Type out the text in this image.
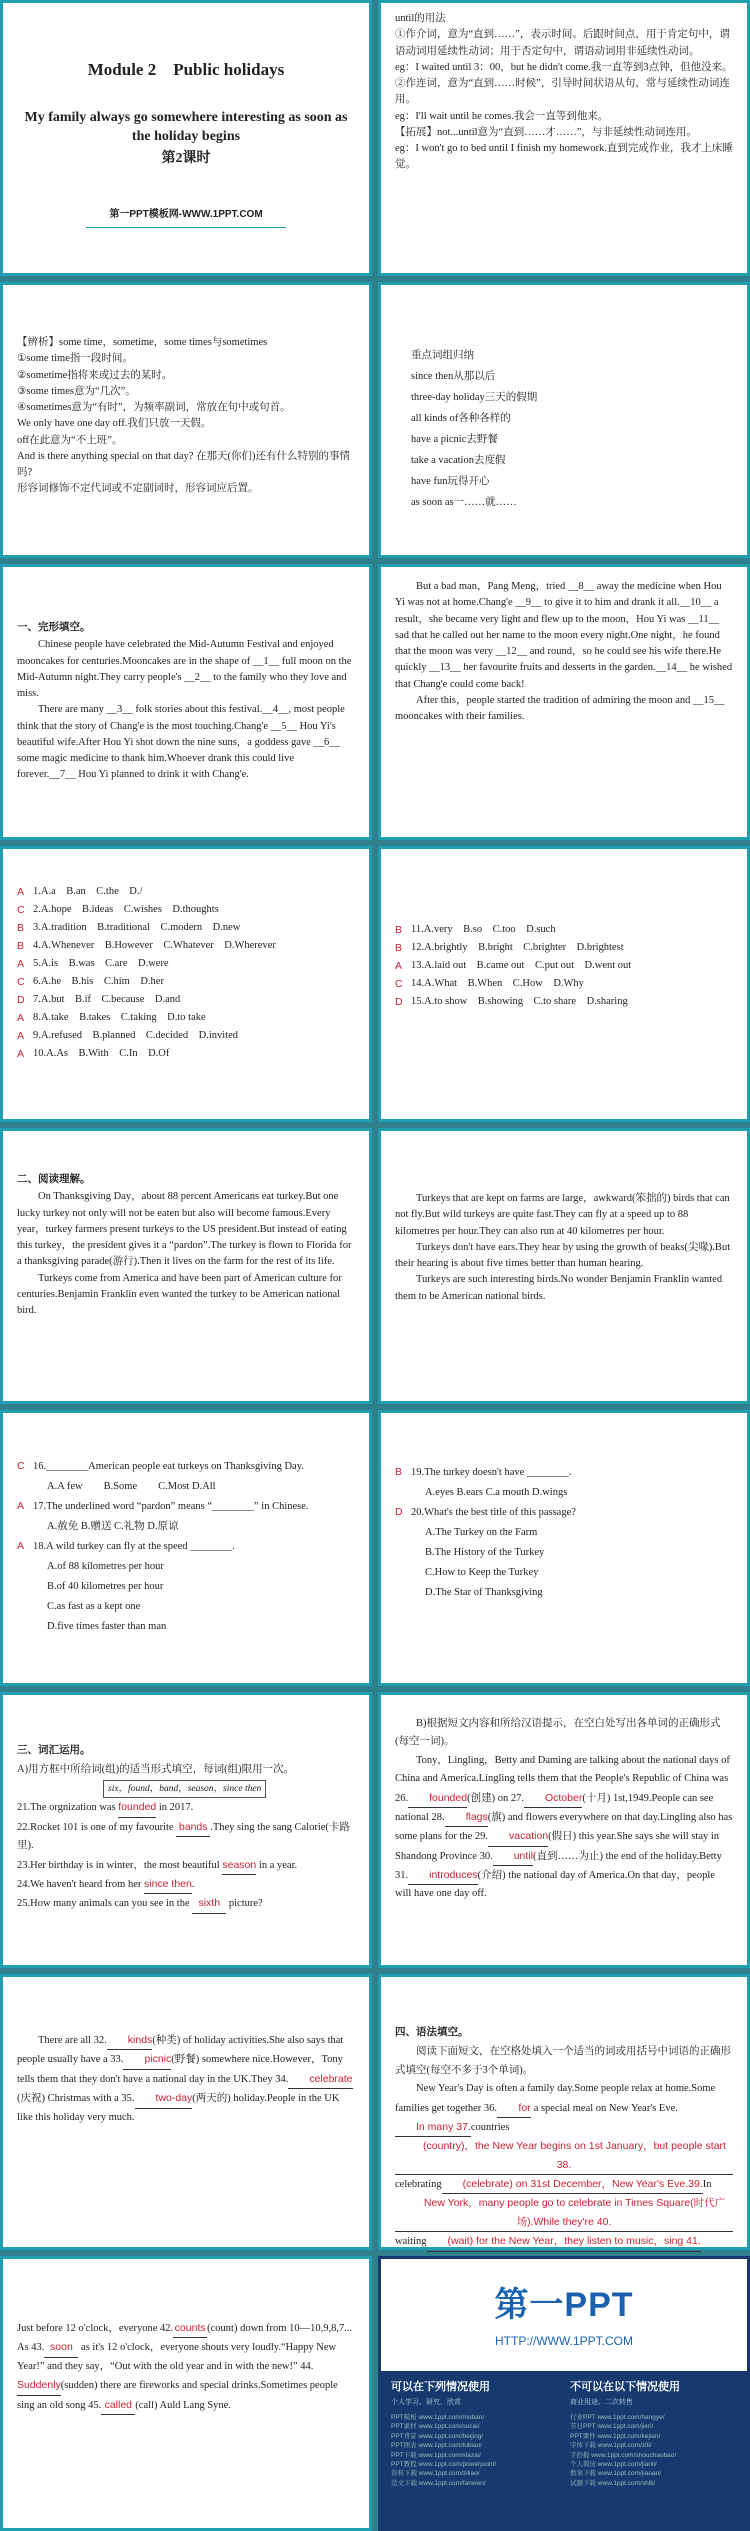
Module 2　Public holidays
My family always go somewhere interesting as soon as the holiday begins
第2课时
第一PPT模板网-WWW.1PPT.COM
until的用法
①作介词，意为“直到……”，表示时间。后跟时间点，用于肯定句中，谓语动词用延续性动词；用于否定句中，谓语动词用非延续性动词。
eg：I waited until 3：00，but he didn't come.我一直等到3点钟，但他没来。
②作连词，意为“直到……时候”，引导时间状语从句，常与延续性动词连用。
eg：I'll wait until he comes.我会一直等到他来。
【拓展】not...until意为“直到……才……”，与非延续性动词连用。
eg：I won't go to bed until I finish my homework.直到完成作业，我才上床睡觉。
【辨析】some time，sometime，some times与sometimes
①some time指一段时间。
②sometime指将来或过去的某时。
③some times意为“几次”。
④sometimes意为“有时”，为频率副词，常放在句中或句首。
We only have one day off.我们只放一天假。
off在此意为“不上班”。
And is there anything special on that day? 在那天(你们)还有什么特别的事情吗?
形容词修饰不定代词或不定副词时，形容词应后置。
重点词组归纳
since then从那以后
three-day holiday三天的假期
all kinds of各种各样的
have a picnic去野餐
take a vacation去度假
have fun玩得开心
as soon as一……就……
一、完形填空。

Chinese people have celebrated the Mid-Autumn Festival and enjoyed mooncakes for centuries.Mooncakes are in the shape of __1__ full moon on the Mid-Autumn night.They carry people's __2__ to the family who they love and miss.

There are many __3__ folk stories about this festival.__4__, most people think that the story of Chang'e is the most touching.Chang'e __5__ Hou Yi's beautiful wife.After Hou Yi shot down the nine suns，a goddess gave __6__ some magic medicine to thank him.Whoever drank this could live forever.__7__ Hou Yi planned to drink it with Chang'e.

But a bad man，Pang Meng，tried __8__ away the medicine when Hou Yi was not at home.Chang'e __9__ to give it to him and drank it all.__10__ a result，she became very light and flew up to the moon，Hou Yi was __11__ sad that he called out her name to the moon every night.One night，he found that the moon was very __12__ and round，so he could see his wife there.He quickly __13__ her favourite fruits and desserts in the garden.__14__ he wished that Chang'e could come back!

After this，people started the tradition of admiring the moon and __15__ mooncakes with their families.

A 1.A.a　B.an　C.the　D./
C 2.A.hope　B.ideas　C.wishes　D.thoughts
B 3.A.tradition　B.traditional　C.modern　D.new
B 4.A.Whenever　B.However　C.Whatever　D.Wherever
A 5.A.is　B.was　C.are　D.were
C 6.A.he　B.his　C.him　D.her
D 7.A.but　B.if　C.because　D.and
A 8.A.take　B.takes　C.taking　D.to take
A 9.A.refused　B.planned　C.decided　D.invited
A 10.A.As　B.With　C.In　D.Of
B 11.A.very　B.so　C.too　D.such
B 12.A.brightly　B.bright　C.brighter　D.brightest
A 13.A.laid out　B.came out　C.put out　D.went out
C 14.A.What　B.When　C.How　D.Why
D 15.A.to show　B.showing　C.to share　D.sharing
二、阅读理解。

On Thanksgiving Day，about 88 percent Americans eat turkey.But one lucky turkey not only will not be eaten but also will become famous.Every year，turkey farmers present turkeys to the US president.But instead of eating this turkey，the president gives it a “pardon”.The turkey is flown to Florida for a thanksgiving parade(游行).Then it lives on the farm for the rest of its life.

Turkeys come from America and have been part of American culture for centuries.Benjamin Franklin even wanted the turkey to be American national bird.

Turkeys that are kept on farms are large，awkward(笨拙的) birds that can not fly.But wild turkeys are quite fast.They can fly at a speed up to 88 kilometres per hour.They can also run at 40 kilometres per hour.

Turkeys don't have ears.They hear by using the growth of beaks(尖喙).But their hearing is about five times better than human hearing.

Turkeys are such interesting birds.No wonder Benjamin Franklin wanted them to be American national birds.

C 16.________American people eat turkeys on Thanksgiving Day.
A.A few　　B.Some　　C.Most D.All
A 17.The underlined word “pardon” means “________” in Chinese.
A.赦免 B.赠送 C.礼物 D.原谅
A 18.A wild turkey can fly at the speed ________.
A.of 88 kilometres per hour
B.of 40 kilometres per hour
C.as fast as a kept one
D.five times faster than man
B 19.The turkey doesn't have ________.
A.eyes B.ears C.a mouth D.wings
D 20.What's the best title of this passage?
A.The Turkey on the Farm
B.The History of the Turkey
C.How to Keep the Turkey
D.The Star of Thanksgiving
三、词汇运用。
A)用方框中所给词(组)的适当形式填空，每词(组)限用一次。
six，found，band，season，since then
21.The orgnization was founded in 2017.
22.Rocket 101 is one of my favourite bands .They sing the sang Calorie(卡路里).
23.Her birthday is in winter，the most beautiful season in a year.
24.We haven't heard from her since then.
25.How many animals can you see in the sixth picture?

B)根据短文内容和所给汉语提示，在空白处写出各单词的正确形式(每空一词)。

Tony，Lingling，Betty and Daming are talking about the national days of China and America.Lingling tells them that the People's Republic of China was 26. founded(创建) on 27. October(十月) 1st,1949.People can see national 28. flags(旗) and flowers everywhere on that day.Lingling also has some plans for the 29. vacation(假日) this year.She says she will stay in Shandong Province 30. until(直到……为止) the end of the holiday.Betty 31. introduces(介绍) the national day of America.On that day，people will have one day off.

There are all 32. kinds(种类) of holiday activities.She also says that people usually have a 33. picnic(野餐) somewhere nice.However，Tony tells them that they don't have a national day in the UK.They 34. celebrate(庆祝) Christmas with a 35. two-day(两天的) holiday.People in the UK like this holiday very much.

四、语法填空。

阅读下面短文，在空格处填入一个适当的词或用括号中词语的正确形式填空(每空不多于3个单词)。

New Year's Day is often a family day.Some people relax at home.Some families get together 36. for a special meal on New Year's Eve.In many 37.countries(country)，the New Year begins on 1st January，but people start 38.celebrating (celebrate) on 31st December，New Year's Eve.39.InNew York，many people go to celebrate in Times Square(时代广场).While they're 40.waiting (wait) for the New Year，they listen to music，sing 41.

Just before 12 o'clock，everyone 42. counts (count) down from 10—10,9,8,7... As 43. soon as it's 12 o'clock，everyone shouts very loudly.“Happy New Year!” and they say，“Out with the old year and in with the new!” 44.Suddenly(sudden) there are fireworks and special drinks.Sometimes people sing an old song 45. called (call) Auld Lang Syne.

第一PPT
HTTP://WWW.1PPT.COM
可以在下列情况使用
个人学习、研究、欣赏
PPT模板 www.1ppt.com/moban/
PPT素材 www.1ppt.com/sucai/
PPT背景 www.1ppt.com/beijing/
PPT图表 www.1ppt.com/tubiao/
PPT下载 www.1ppt.com/xiazai/
PPT教程 www.1ppt.com/powerpoint/
资料下载 www.1ppt.com/ziliao/
范文下载 www.1ppt.com/fanwen/
不可以在以下情况使用
商业用途、二次转售
行业PPT www.1ppt.com/hangye/
节日PPT www.1ppt.com/jieri/
PPT课件 www.1ppt.com/kejian/
字体下载 www.1ppt.com/ziti/
手抄报 www.1ppt.com/shouchaobao/
个人简历 www.1ppt.com/jianli/
教案下载 www.1ppt.com/jiaoan/
试题下载 www.1ppt.com/shiti/
